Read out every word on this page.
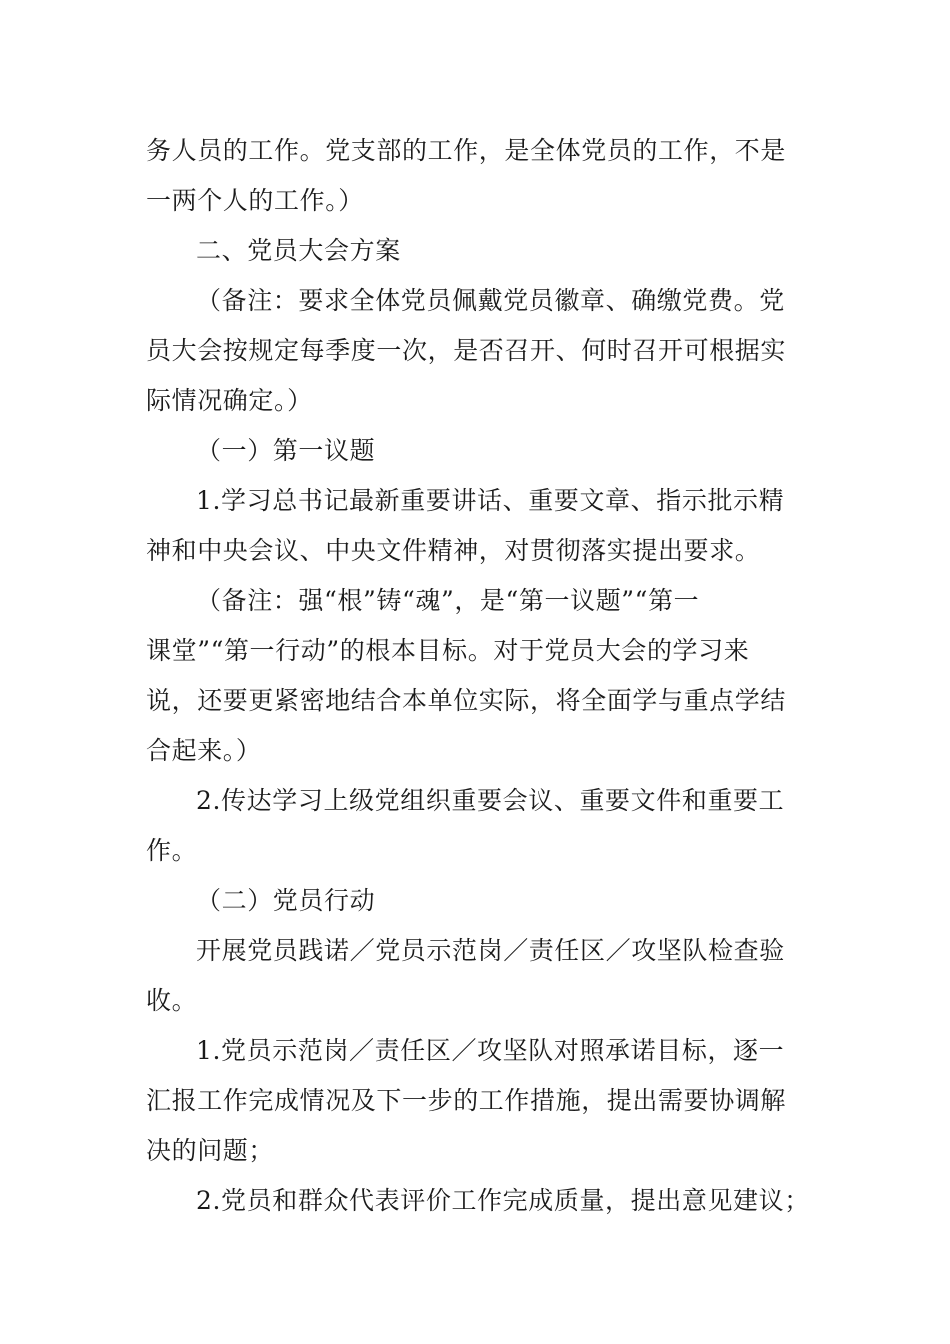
务人员的工作。党支部的工作，是全体党员的工作，不是
一两个人的工作。）
二、党员大会方案
（备注：要求全体党员佩戴党员徽章、确缴党费。党
员大会按规定每季度一次，是否召开、何时召开可根据实
际情况确定。）
（一）第一议题
1.学习总书记最新重要讲话、重要文章、指示批示精
神和中央会议、中央文件精神，对贯彻落实提出要求。
（备注：强“根”铸“魂”，是“第一议题”“第一
课堂”“第一行动”的根本目标。对于党员大会的学习来
说，还要更紧密地结合本单位实际，将全面学与重点学结
合起来。）
2.传达学习上级党组织重要会议、重要文件和重要工
作。
（二）党员行动
开展党员践诺／党员示范岗／责任区／攻坚队检查验
收。
1.党员示范岗／责任区／攻坚队对照承诺目标，逐一
汇报工作完成情况及下一步的工作措施，提出需要协调解
决的问题；
2.党员和群众代表评价工作完成质量，提出意见建议；
